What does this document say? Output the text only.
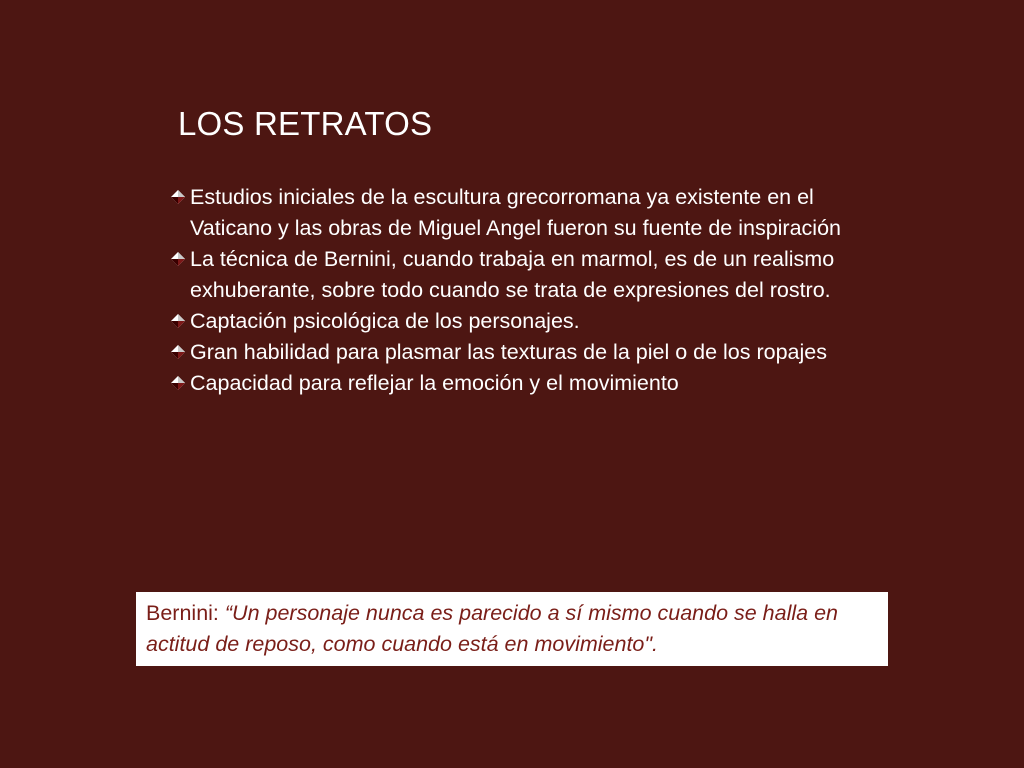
LOS RETRATOS
Estudios iniciales de la escultura grecorromana ya existente en el Vaticano y las obras de Miguel Angel fueron su fuente de inspiración
La técnica de Bernini, cuando trabaja en marmol, es de un realismo exhuberante, sobre todo cuando se trata de expresiones del rostro.
Captación psicológica de los personajes.
Gran habilidad para plasmar las texturas de la piel o de los ropajes
Capacidad para reflejar la emoción y el movimiento
Bernini: “Un personaje nunca es parecido a sí mismo cuando se halla en actitud de reposo, como cuando está en movimiento".
